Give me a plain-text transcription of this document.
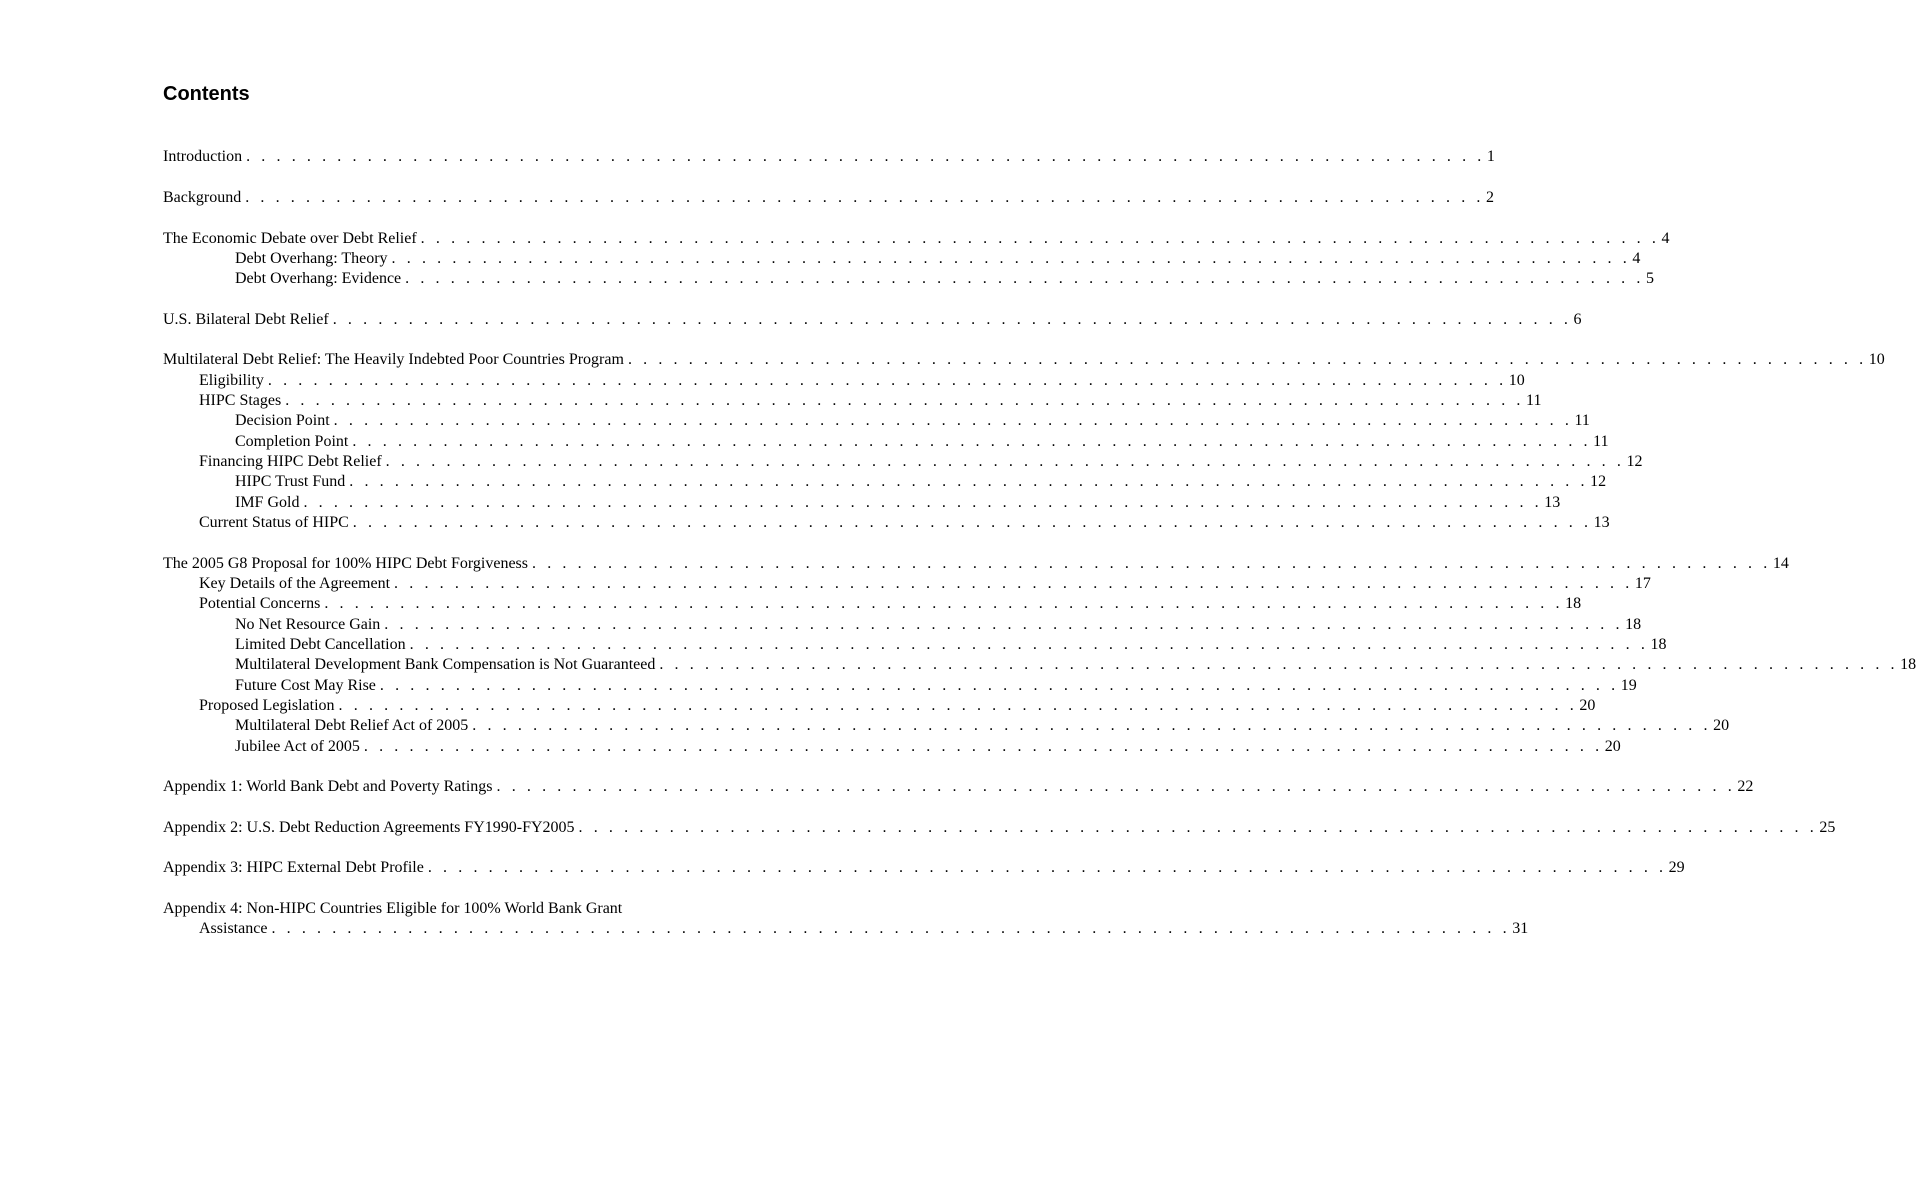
Contents
Introduction . . . . . . . . . . . . . . . . . . . . . . . . . . . . . . . . . . . . . . . . . . . . . . . . . . . . . . . . . . . . . . . . . . . . . . . . . . . . . . . . . . 1
Background . . . . . . . . . . . . . . . . . . . . . . . . . . . . . . . . . . . . . . . . . . . . . . . . . . . . . . . . . . . . . . . . . . . . . . . . . . . . . . . . . . 2
The Economic Debate over Debt Relief . . . . . . . . . . . . . . . . . . . . . . . . . . . . . . . . . . . . . . . . . . . . . . . . . . . . . . . . . . . . . . . . . . . . . . . . . . . . . . . . . . 4
Debt Overhang: Theory . . . . . . . . . . . . . . . . . . . . . . . . . . . . . . . . . . . . . . . . . . . . . . . . . . . . . . . . . . . . . . . . . . . . . . . . . . . . . . . . . . 4
Debt Overhang: Evidence . . . . . . . . . . . . . . . . . . . . . . . . . . . . . . . . . . . . . . . . . . . . . . . . . . . . . . . . . . . . . . . . . . . . . . . . . . . . . . . . . . 5
U.S. Bilateral Debt Relief . . . . . . . . . . . . . . . . . . . . . . . . . . . . . . . . . . . . . . . . . . . . . . . . . . . . . . . . . . . . . . . . . . . . . . . . . . . . . . . . . . 6
Multilateral Debt Relief: The Heavily Indebted Poor Countries Program . . . . . . . . . . . . . . . . . . . . . . . . . . . . . . . . . . . . . . . . . . . . . . . . . . . . . . . . . . . . . . . . . . . . . . . . . . . . . . . . . . 10
Eligibility . . . . . . . . . . . . . . . . . . . . . . . . . . . . . . . . . . . . . . . . . . . . . . . . . . . . . . . . . . . . . . . . . . . . . . . . . . . . . . . . . . 10
HIPC Stages . . . . . . . . . . . . . . . . . . . . . . . . . . . . . . . . . . . . . . . . . . . . . . . . . . . . . . . . . . . . . . . . . . . . . . . . . . . . . . . . . . 11
Decision Point . . . . . . . . . . . . . . . . . . . . . . . . . . . . . . . . . . . . . . . . . . . . . . . . . . . . . . . . . . . . . . . . . . . . . . . . . . . . . . . . . . 11
Completion Point . . . . . . . . . . . . . . . . . . . . . . . . . . . . . . . . . . . . . . . . . . . . . . . . . . . . . . . . . . . . . . . . . . . . . . . . . . . . . . . . . . 11
Financing HIPC Debt Relief . . . . . . . . . . . . . . . . . . . . . . . . . . . . . . . . . . . . . . . . . . . . . . . . . . . . . . . . . . . . . . . . . . . . . . . . . . . . . . . . . . 12
HIPC Trust Fund . . . . . . . . . . . . . . . . . . . . . . . . . . . . . . . . . . . . . . . . . . . . . . . . . . . . . . . . . . . . . . . . . . . . . . . . . . . . . . . . . . 12
IMF Gold . . . . . . . . . . . . . . . . . . . . . . . . . . . . . . . . . . . . . . . . . . . . . . . . . . . . . . . . . . . . . . . . . . . . . . . . . . . . . . . . . . 13
Current Status of HIPC . . . . . . . . . . . . . . . . . . . . . . . . . . . . . . . . . . . . . . . . . . . . . . . . . . . . . . . . . . . . . . . . . . . . . . . . . . . . . . . . . . 13
The 2005 G8 Proposal for 100% HIPC Debt Forgiveness . . . . . . . . . . . . . . . . . . . . . . . . . . . . . . . . . . . . . . . . . . . . . . . . . . . . . . . . . . . . . . . . . . . . . . . . . . . . . . . . . . 14
Key Details of the Agreement . . . . . . . . . . . . . . . . . . . . . . . . . . . . . . . . . . . . . . . . . . . . . . . . . . . . . . . . . . . . . . . . . . . . . . . . . . . . . . . . . . 17
Potential Concerns . . . . . . . . . . . . . . . . . . . . . . . . . . . . . . . . . . . . . . . . . . . . . . . . . . . . . . . . . . . . . . . . . . . . . . . . . . . . . . . . . . 18
No Net Resource Gain . . . . . . . . . . . . . . . . . . . . . . . . . . . . . . . . . . . . . . . . . . . . . . . . . . . . . . . . . . . . . . . . . . . . . . . . . . . . . . . . . . 18
Limited Debt Cancellation . . . . . . . . . . . . . . . . . . . . . . . . . . . . . . . . . . . . . . . . . . . . . . . . . . . . . . . . . . . . . . . . . . . . . . . . . . . . . . . . . . 18
Multilateral Development Bank Compensation is Not Guaranteed . . . . . . . . . . . . . . . . . . . . . . . . . . . . . . . . . . . . . . . . . . . . . . . . . . . . . . . . . . . . . . . . . . . . . . . . . . . . . . . . . . 18
Future Cost May Rise . . . . . . . . . . . . . . . . . . . . . . . . . . . . . . . . . . . . . . . . . . . . . . . . . . . . . . . . . . . . . . . . . . . . . . . . . . . . . . . . . . 19
Proposed Legislation . . . . . . . . . . . . . . . . . . . . . . . . . . . . . . . . . . . . . . . . . . . . . . . . . . . . . . . . . . . . . . . . . . . . . . . . . . . . . . . . . . 20
Multilateral Debt Relief Act of 2005 . . . . . . . . . . . . . . . . . . . . . . . . . . . . . . . . . . . . . . . . . . . . . . . . . . . . . . . . . . . . . . . . . . . . . . . . . . . . . . . . . . 20
Jubilee Act of 2005 . . . . . . . . . . . . . . . . . . . . . . . . . . . . . . . . . . . . . . . . . . . . . . . . . . . . . . . . . . . . . . . . . . . . . . . . . . . . . . . . . . 20
Appendix 1: World Bank Debt and Poverty Ratings . . . . . . . . . . . . . . . . . . . . . . . . . . . . . . . . . . . . . . . . . . . . . . . . . . . . . . . . . . . . . . . . . . . . . . . . . . . . . . . . . . 22
Appendix 2: U.S. Debt Reduction Agreements FY1990-FY2005 . . . . . . . . . . . . . . . . . . . . . . . . . . . . . . . . . . . . . . . . . . . . . . . . . . . . . . . . . . . . . . . . . . . . . . . . . . . . . . . . . . 25
Appendix 3: HIPC External Debt Profile . . . . . . . . . . . . . . . . . . . . . . . . . . . . . . . . . . . . . . . . . . . . . . . . . . . . . . . . . . . . . . . . . . . . . . . . . . . . . . . . . . 29
Appendix 4: Non-HIPC Countries Eligible for 100% World Bank Grant
Assistance . . . . . . . . . . . . . . . . . . . . . . . . . . . . . . . . . . . . . . . . . . . . . . . . . . . . . . . . . . . . . . . . . . . . . . . . . . . . . . . . . . 31
